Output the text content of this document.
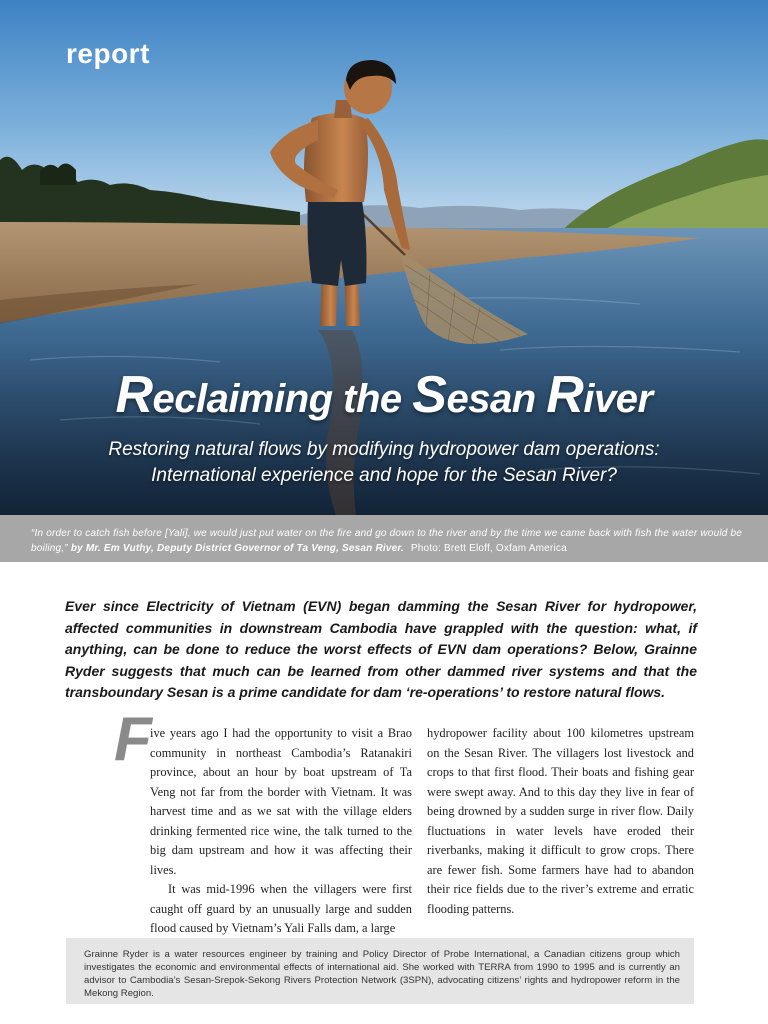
report
Reclaiming the Sesan River
Restoring natural flows by modifying hydropower dam operations:
International experience and hope for the Sesan River?
“In order to catch fish before [Yali], we would just put water on the fire and go down to the river and by the time we came back with fish the water would be boiling,” by Mr. Em Vuthy, Deputy District Governor of Ta Veng, Sesan River. Photo: Brett Eloff, Oxfam America
Ever since Electricity of Vietnam (EVN) began damming the Sesan River for hydropower, affected communities in downstream Cambodia have grappled with the question: what, if anything, can be done to reduce the worst effects of EVN dam operations? Below, Grainne Ryder suggests that much can be learned from other dammed river systems and that the transboundary Sesan is a prime candidate for dam ‘re-operations’ to restore natural flows.
F

ive years ago I had the opportunity to visit a Brao community in northeast Cambodia’s Ratanakiri province, about an hour by boat upstream of Ta Veng not far from the border with Vietnam. It was harvest time and as we sat with the village elders drinking fermented rice wine, the talk turned to the big dam upstream and how it was affecting their lives.

It was mid-1996 when the villagers were first caught off guard by an unusually large and sudden flood caused by Vietnam’s Yali Falls dam, a large

hydropower facility about 100 kilometres upstream on the Sesan River. The villagers lost livestock and crops to that first flood. Their boats and fishing gear were swept away. And to this day they live in fear of being drowned by a sudden surge in river flow. Daily fluctuations in water levels have eroded their riverbanks, making it difficult to grow crops. There are fewer fish. Some farmers have had to abandon their rice fields due to the river’s extreme and erratic flooding patterns.

Grainne Ryder is a water resources engineer by training and Policy Director of Probe International, a Canadian citizens group which investigates the economic and environmental effects of international aid. She worked with TERRA from 1990 to 1995 and is currently an advisor to Cambodia’s Sesan-Srepok-Sekong Rivers Protection Network (3SPN), advocating citizens’ rights and hydropower reform in the Mekong Region.
